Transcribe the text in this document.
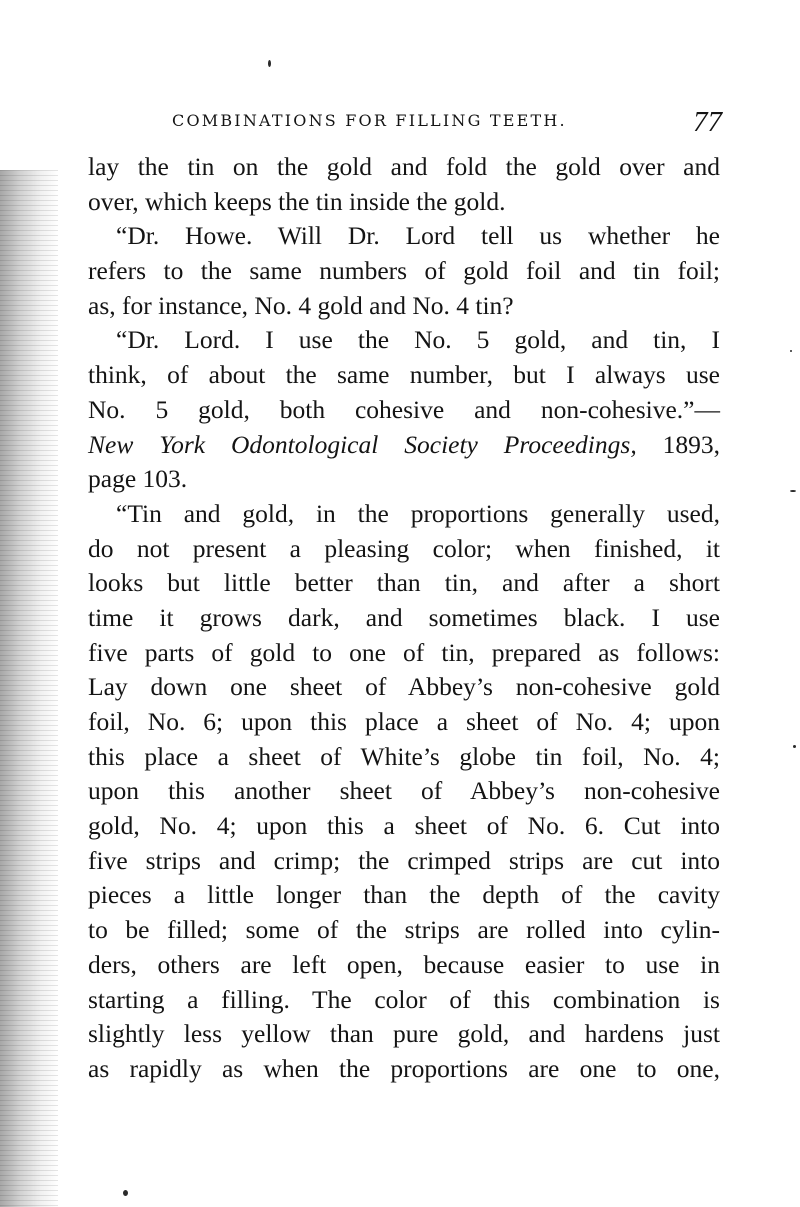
COMBINATIONS FOR FILLING TEETH.	77
lay the tin on the gold and fold the gold over and
over, which keeps the tin inside the gold.
“Dr. Howe. Will Dr. Lord tell us whether he
refers to the same numbers of gold foil and tin foil;
as, for instance, No. 4 gold and No. 4 tin?
“Dr. Lord. I use the No. 5 gold, and tin, I
think, of about the same number, but I always use
No. 5 gold, both cohesive and non-cohesive.”—
New York Odontological Society Proceedings, 1893,
page 103.
“Tin and gold, in the proportions generally used,
do not present a pleasing color; when finished, it
looks but little better than tin, and after a short
time it grows dark, and sometimes black. I use
five parts of gold to one of tin, prepared as follows:
Lay down one sheet of Abbey’s non-cohesive gold
foil, No. 6; upon this place a sheet of No. 4; upon
this place a sheet of White’s globe tin foil, No. 4;
upon this another sheet of Abbey’s non-cohesive
gold, No. 4; upon this a sheet of No. 6. Cut into
five strips and crimp; the crimped strips are cut into
pieces a little longer than the depth of the cavity
to be filled; some of the strips are rolled into cylin-
ders, others are left open, because easier to use in
starting a filling. The color of this combination is
slightly less yellow than pure gold, and hardens just
as rapidly as when the proportions are one to one,
